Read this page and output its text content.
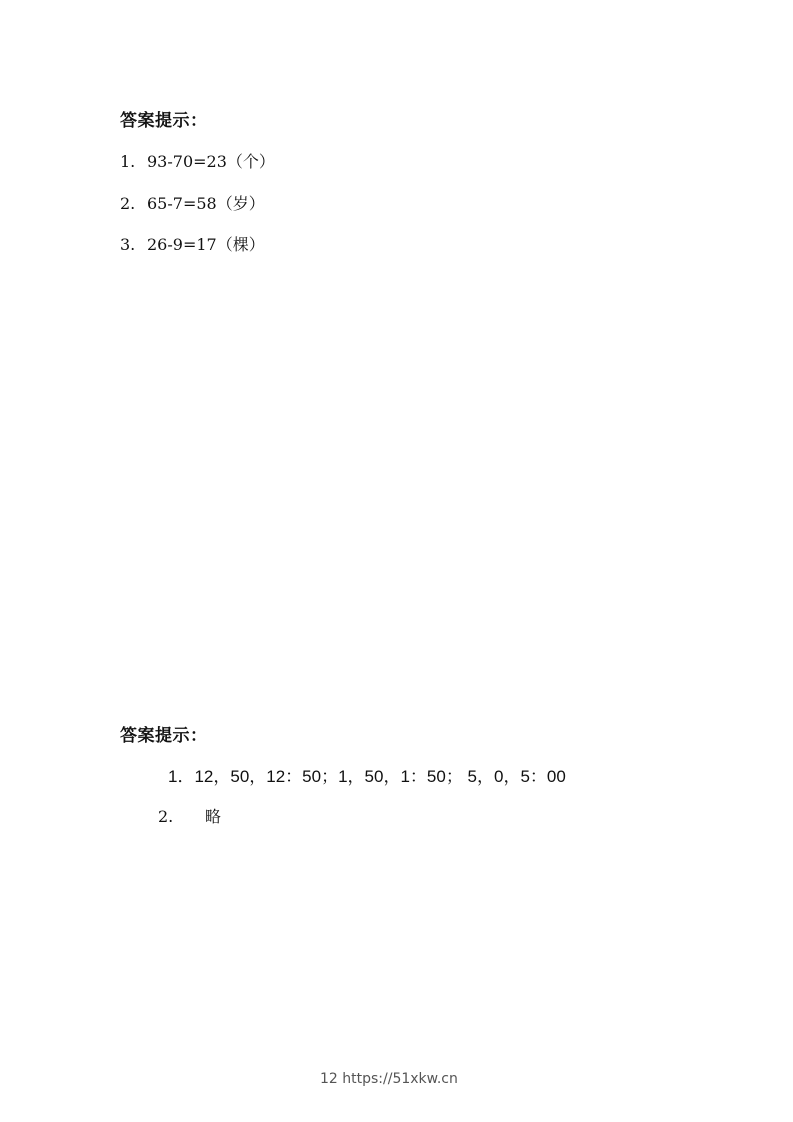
答案提示：
1. 93-70=23（个）
2. 65-7=58（岁）
3. 26-9=17（棵）
答案提示：
1．12，50，12：50；1，50，1：50； 5，0，5：00
2. 略
12 https://51xkw.cn
